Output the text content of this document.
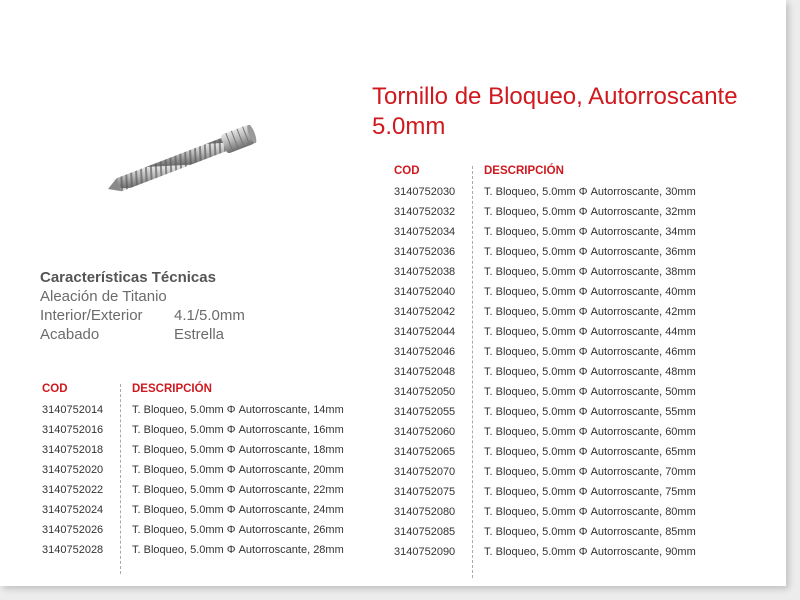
Tornillo de Bloqueo, Autorroscante 5.0mm
Características Técnicas
Aleación de Titanio
Interior/Exterior	4.1/5.0mm
Acabado	Estrella
COD	DESCRIPCIÓN
3140752014	T. Bloqueo, 5.0mm Φ Autorroscante, 14mm
3140752016	T. Bloqueo, 5.0mm Φ Autorroscante, 16mm
3140752018	T. Bloqueo, 5.0mm Φ Autorroscante, 18mm
3140752020	T. Bloqueo, 5.0mm Φ Autorroscante, 20mm
3140752022	T. Bloqueo, 5.0mm Φ Autorroscante, 22mm
3140752024	T. Bloqueo, 5.0mm Φ Autorroscante, 24mm
3140752026	T. Bloqueo, 5.0mm Φ Autorroscante, 26mm
3140752028	T. Bloqueo, 5.0mm Φ Autorroscante, 28mm
COD	DESCRIPCIÓN
3140752030	T. Bloqueo, 5.0mm Φ Autorroscante, 30mm
3140752032	T. Bloqueo, 5.0mm Φ Autorroscante, 32mm
3140752034	T. Bloqueo, 5.0mm Φ Autorroscante, 34mm
3140752036	T. Bloqueo, 5.0mm Φ Autorroscante, 36mm
3140752038	T. Bloqueo, 5.0mm Φ Autorroscante, 38mm
3140752040	T. Bloqueo, 5.0mm Φ Autorroscante, 40mm
3140752042	T. Bloqueo, 5.0mm Φ Autorroscante, 42mm
3140752044	T. Bloqueo, 5.0mm Φ Autorroscante, 44mm
3140752046	T. Bloqueo, 5.0mm Φ Autorroscante, 46mm
3140752048	T. Bloqueo, 5.0mm Φ Autorroscante, 48mm
3140752050	T. Bloqueo, 5.0mm Φ Autorroscante, 50mm
3140752055	T. Bloqueo, 5.0mm Φ Autorroscante, 55mm
3140752060	T. Bloqueo, 5.0mm Φ Autorroscante, 60mm
3140752065	T. Bloqueo, 5.0mm Φ Autorroscante, 65mm
3140752070	T. Bloqueo, 5.0mm Φ Autorroscante, 70mm
3140752075	T. Bloqueo, 5.0mm Φ Autorroscante, 75mm
3140752080	T. Bloqueo, 5.0mm Φ Autorroscante, 80mm
3140752085	T. Bloqueo, 5.0mm Φ Autorroscante, 85mm
3140752090	T. Bloqueo, 5.0mm Φ Autorroscante, 90mm
